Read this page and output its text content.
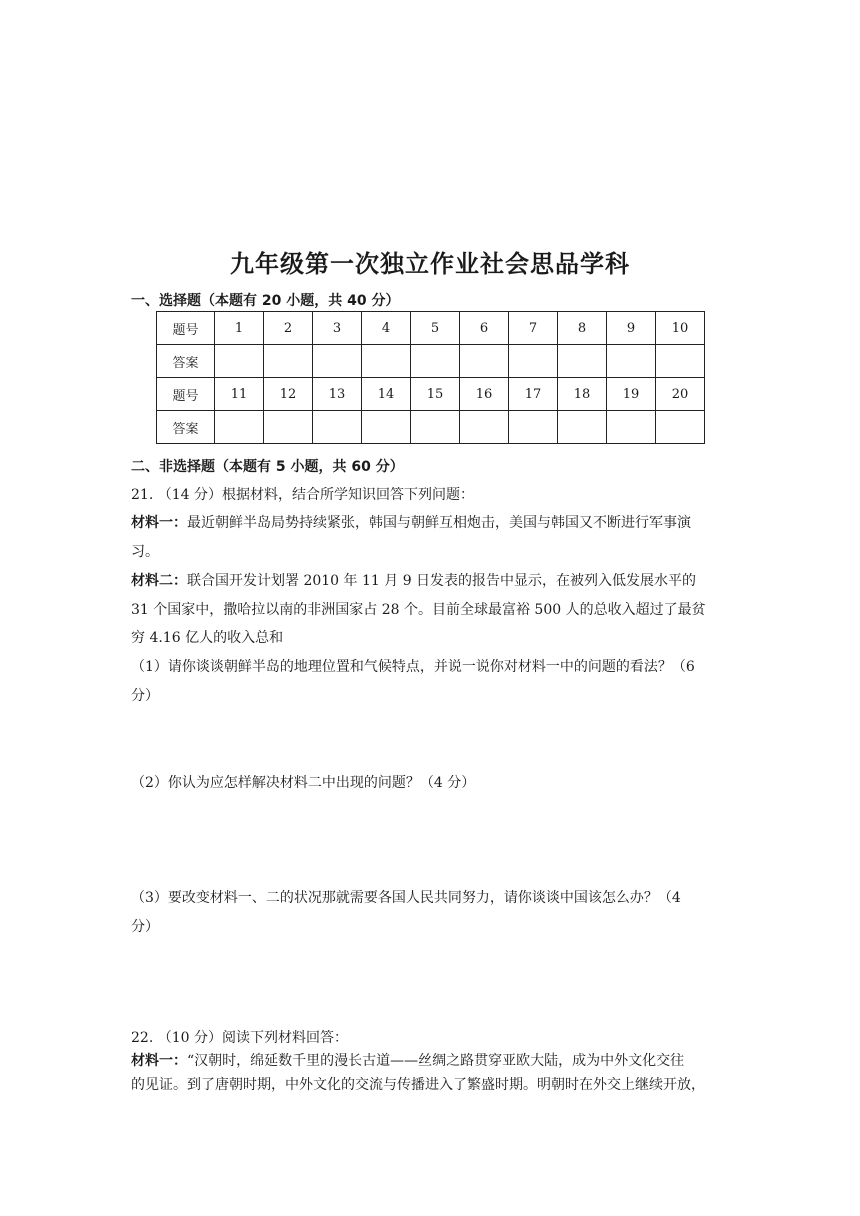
九年级第一次独立作业社会思品学科
一、选择题（本题有 20 小题，共 40 分）
题号	1	2	3	4	5	6	7	8	9	10
答案										
题号	11	12	13	14	15	16	17	18	19	20
答案										
二、非选择题（本题有 5 小题，共 60 分）
21. （14 分）根据材料，结合所学知识回答下列问题：
材料一：最近朝鲜半岛局势持续紧张，韩国与朝鲜互相炮击，美国与韩国又不断进行军事演
习。
材料二：联合国开发计划署 2010 年 11 月 9 日发表的报告中显示，在被列入低发展水平的
31 个国家中，撒哈拉以南的非洲国家占 28 个。目前全球最富裕 500 人的总收入超过了最贫
穷 4.16 亿人的收入总和
（1）请你谈谈朝鲜半岛的地理位置和气候特点，并说一说你对材料一中的问题的看法？（6
分）
（2）你认为应怎样解决材料二中出现的问题？（4 分）
（3）要改变材料一、二的状况那就需要各国人民共同努力，请你谈谈中国该怎么办？（4
分）
22. （10 分）阅读下列材料回答：
材料一：“汉朝时，绵延数千里的漫长古道——丝绸之路贯穿亚欧大陆，成为中外文化交往
的见证。到了唐朝时期，中外文化的交流与传播进入了繁盛时期。明朝时在外交上继续开放，
